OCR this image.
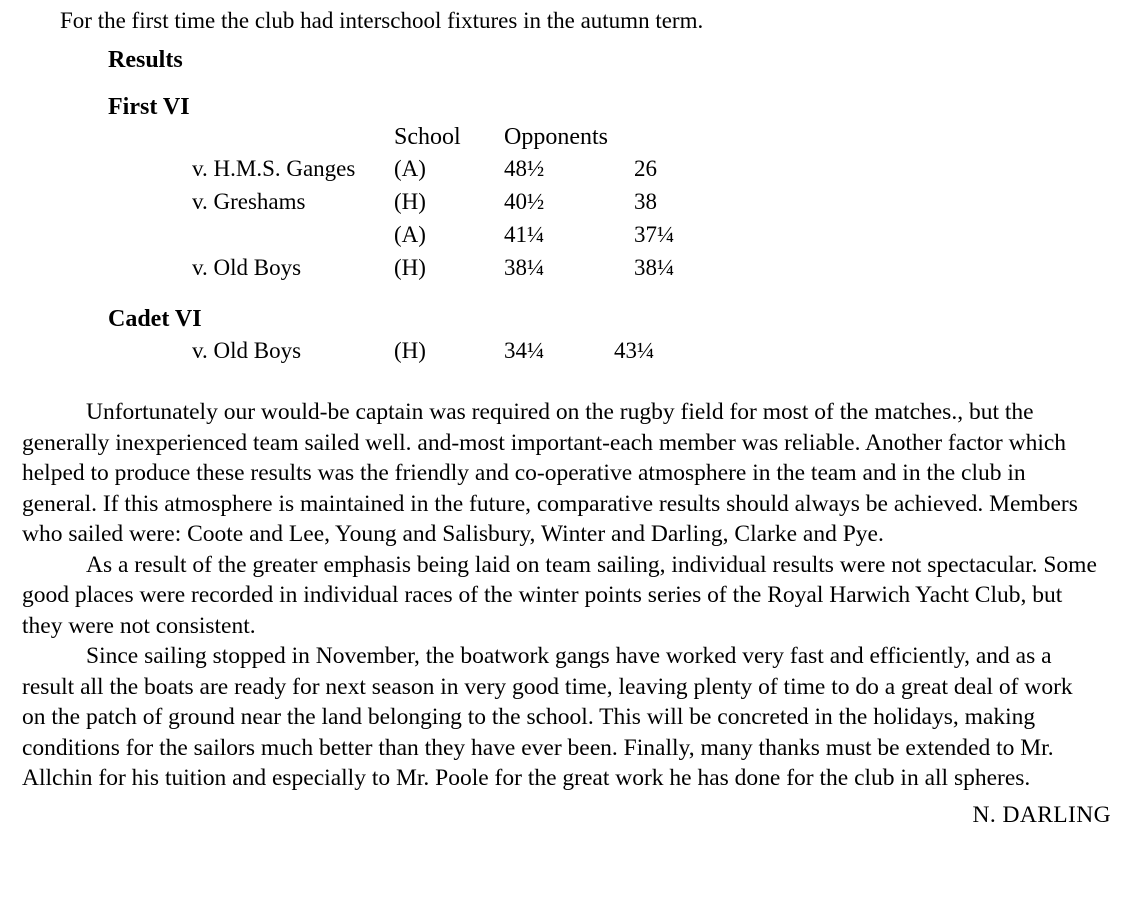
For the first time the club had interschool fixtures in the autumn term.

Results

First VI

	School	Opponents	
v. H.M.S. Ganges	(A)	48½	26
v. Greshams	(H)	40½	38
	(A)	41¼	37¼
v. Old Boys	(H)	38¼	38¼

Cadet VI

v. Old Boys	(H)	34¼	43¼

Unfortunately our would-be captain was required on the rugby field for most of the matches., but the generally inexperienced team sailed well. and-most important-each member was reliable. Another factor which helped to produce these results was the friendly and co-operative atmosphere in the team and in the club in general. If this atmosphere is maintained in the future, comparative results should always be achieved. Members who sailed were: Coote and Lee, Young and Salisbury, Winter and Darling, Clarke and Pye.

As a result of the greater emphasis being laid on team sailing, individual results were not spectacular. Some good places were recorded in individual races of the winter points series of the Royal Harwich Yacht Club, but they were not consistent.

Since sailing stopped in November, the boatwork gangs have worked very fast and efficiently, and as a result all the boats are ready for next season in very good time, leaving plenty of time to do a great deal of work on the patch of ground near the land belonging to the school. This will be concreted in the holidays, making conditions for the sailors much better than they have ever been. Finally, many thanks must be extended to Mr. Allchin for his tuition and especially to Mr. Poole for the great work he has done for the club in all spheres.

N. DARLING
